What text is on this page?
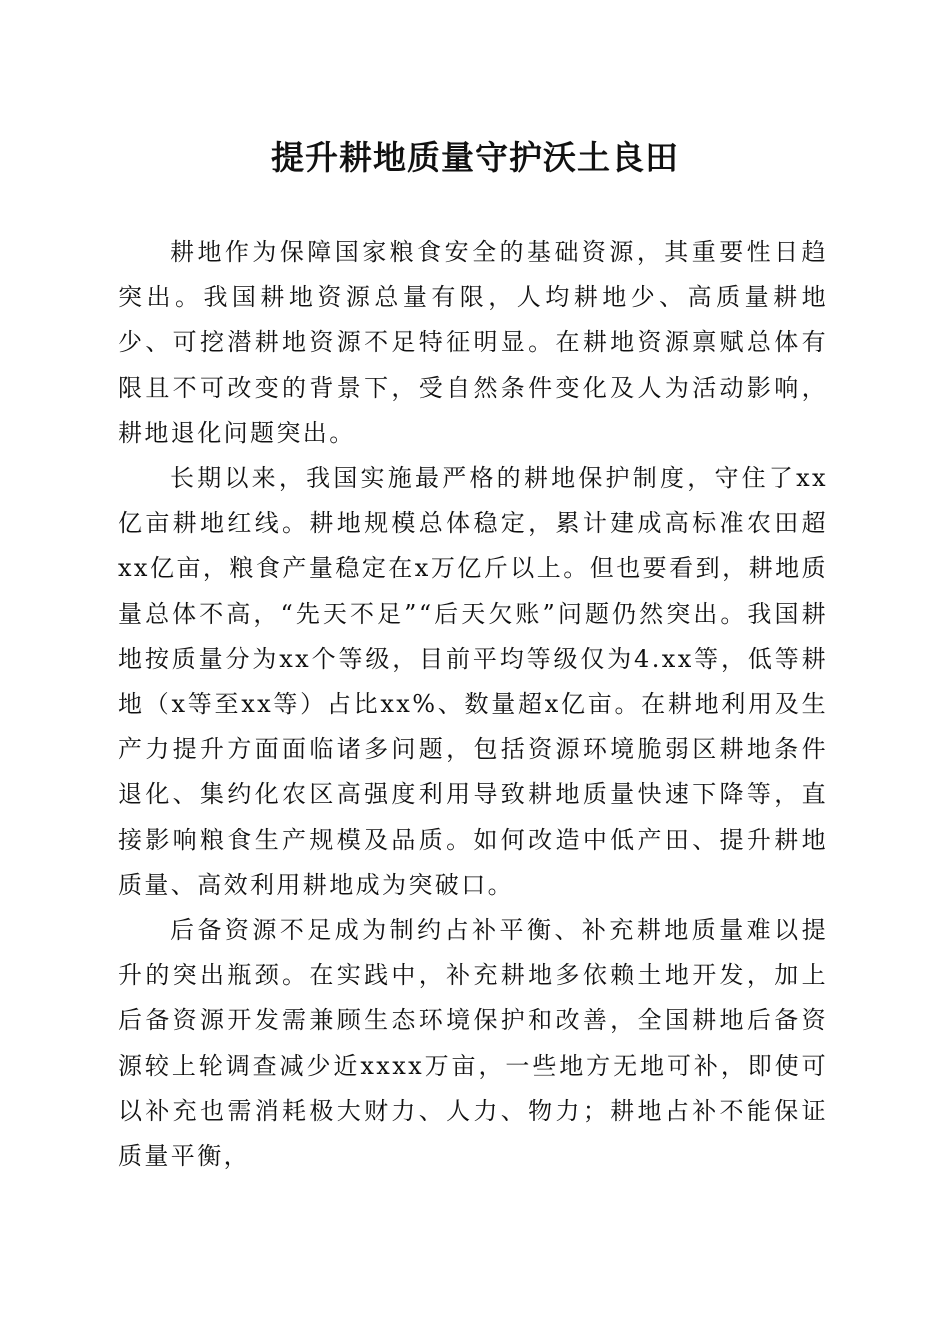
提升耕地质量守护沃土良田

耕地作为保障国家粮食安全的基础资源，其重要性日趋突出。我国耕地资源总量有限，人均耕地少、高质量耕地少、可挖潜耕地资源不足特征明显。在耕地资源禀赋总体有限且不可改变的背景下，受自然条件变化及人为活动影响，耕地退化问题突出。

长期以来，我国实施最严格的耕地保护制度，守住了xx亿亩耕地红线。耕地规模总体稳定，累计建成高标准农田超xx亿亩，粮食产量稳定在x万亿斤以上。但也要看到，耕地质量总体不高，“先天不足”“后天欠账”问题仍然突出。我国耕地按质量分为xx个等级，目前平均等级仅为4.xx等，低等耕地（x等至xx等）占比xx%、数量超x亿亩。在耕地利用及生产力提升方面面临诸多问题，包括资源环境脆弱区耕地条件退化、集约化农区高强度利用导致耕地质量快速下降等，直接影响粮食生产规模及品质。如何改造中低产田、提升耕地质量、高效利用耕地成为突破口。

后备资源不足成为制约占补平衡、补充耕地质量难以提升的突出瓶颈。在实践中，补充耕地多依赖土地开发，加上后备资源开发需兼顾生态环境保护和改善，全国耕地后备资源较上轮调查减少近xxxx万亩，一些地方无地可补，即使可以补充也需消耗极大财力、人力、物力；耕地占补不能保证质量平衡，
